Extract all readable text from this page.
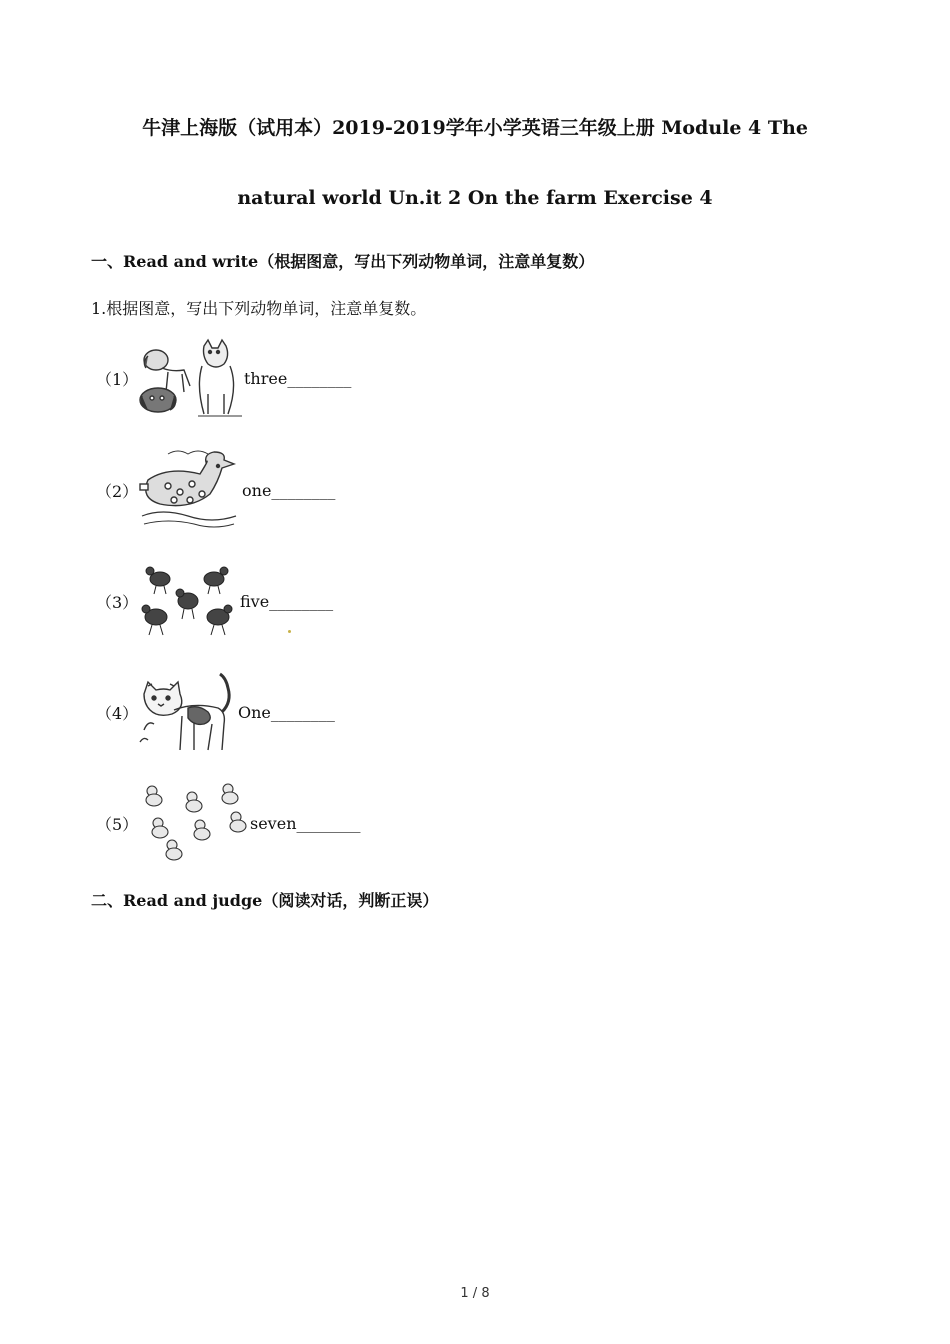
牛津上海版（试用本）2019-2019学年小学英语三年级上册 Module 4 The
natural world Un.it 2 On the farm Exercise 4
一、Read and write（根据图意，写出下列动物单词，注意单复数）
1.根据图意，写出下列动物单词，注意单复数。
（1）	three________
（2）	one________
（3）	five________
（4）	One________
（5）	seven________
二、Read and judge（阅读对话，判断正误）
1 / 8
